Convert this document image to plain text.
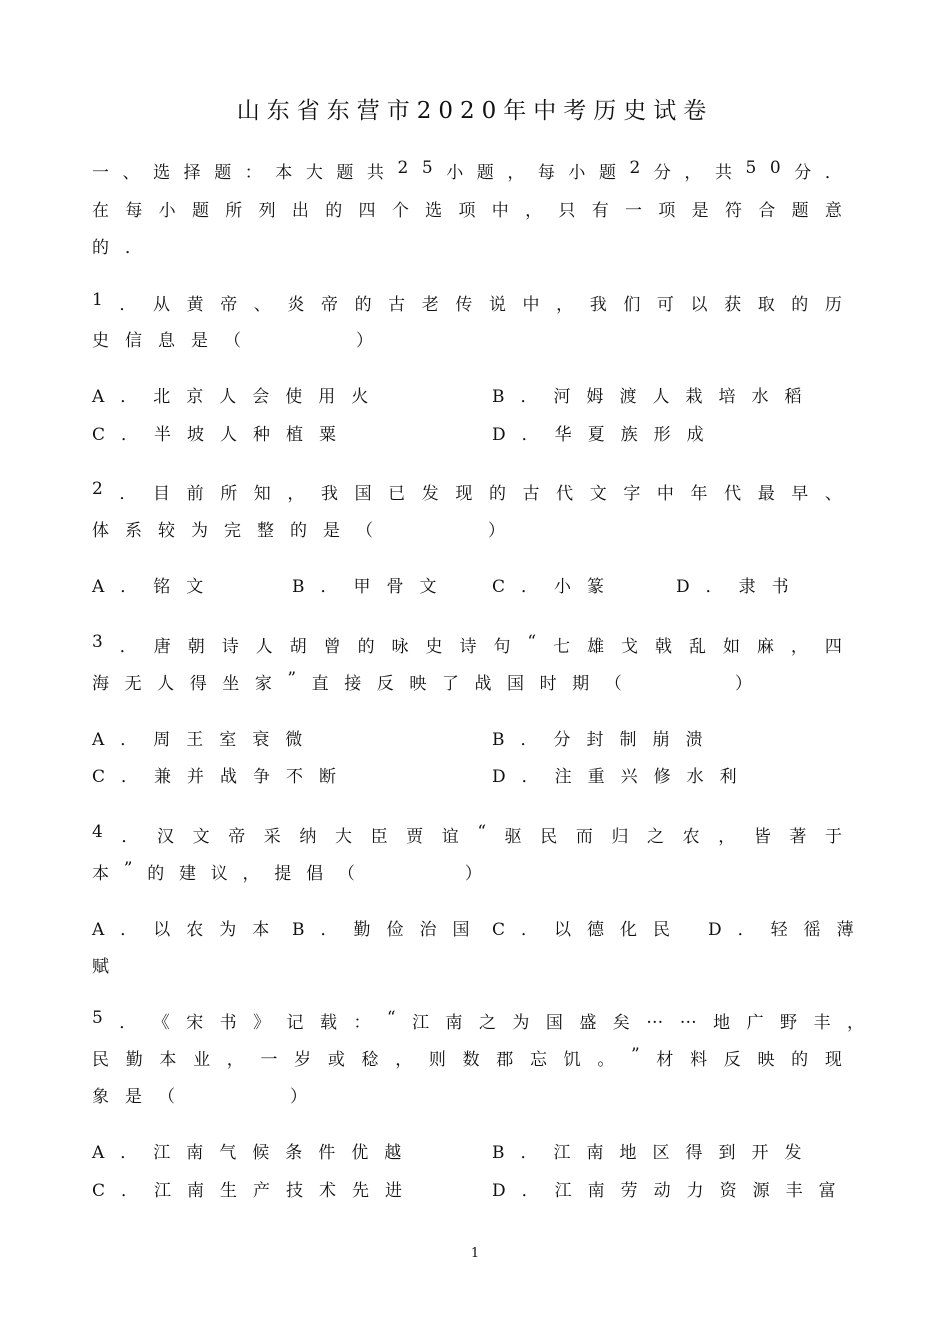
山东省东营市2020年中考历史试卷
一 、 选 择 题 ： 本 大 题 共 2 5 小 题 ， 每 小 题 2 分 ， 共 5 0 分 ．
在 每 小 题 所 列 出 的 四 个 选 项 中 ， 只 有 一 项 是 符 合 题 意
的．
1 ． 从 黄 帝 、 炎 帝 的 古 老 传 说 中 ， 我 们 可 以 获 取 的 历
史信息是（　　　）
A．北京人会使用火	B．河姆渡人栽培水稻
C．半坡人种植粟	D．华夏族形成
2 ． 目 前 所 知 ， 我 国 已 发 现 的 古 代 文 字 中 年 代 最 早 、
体系较为完整的是（　　　）
A．铭文	B．甲骨文 C．小篆	D．隶书
3 ． 唐 朝 诗 人 胡 曾 的 咏 史 诗 句 “ 七 雄 戈 戟 乱 如 麻 ， 四
海 无 人 得 坐 家 ” 直 接 反 映 了 战 国 时 期 （

　	）
A．周王室衰微	B．分封制崩溃
C．兼并战争不断	D．注重兴修水利
4 ． 汉 文 帝 采 纳 大 臣 贾 谊 “ 驱 民 而 归 之 农 ， 皆 著 于
本 ” 的 建 议 ， 提 倡 （

　	）
A．以农为本 B．勤俭治国 C．以德化民 D．轻徭薄
赋
5 ． 《 宋 书 》 记 载 ： “ 江 南 之 为 国 盛 矣 … … 地 广 野 丰 ，
民 勤 本 业 ， 一 岁 或 稔 ， 则 数 郡 忘 饥 。 ” 材 料 反 映 的 现
象是（　　　）
A．江南气候条件优越	B．江南地区得到开发
C．江南生产技术先进	D．江南劳动力资源丰富
1
